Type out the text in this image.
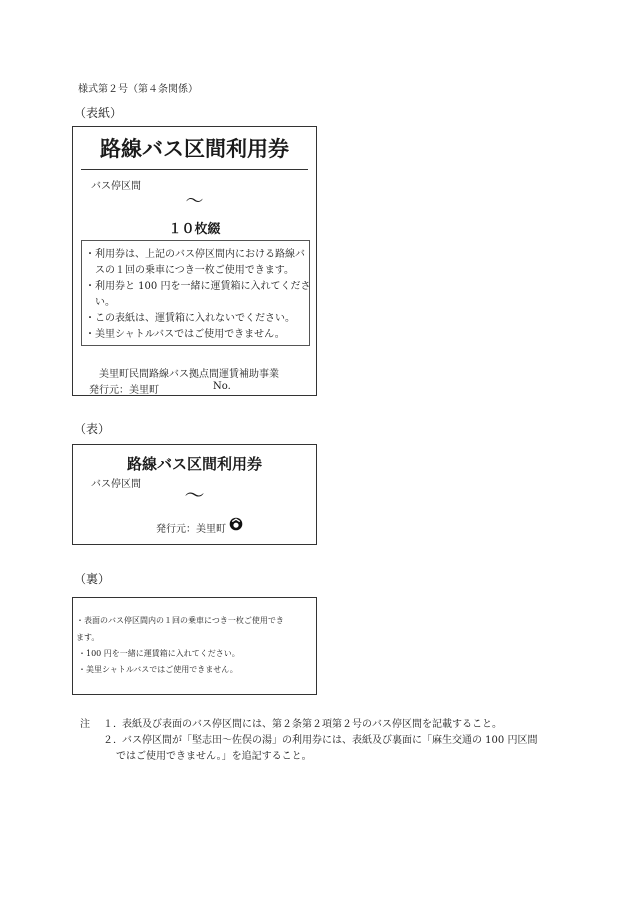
様式第２号（第４条関係）
（表紙）
路線バス区間利用券
バス停区間
～
１０枚綴
・利用券は、上記のバス停区間内における路線バ
スの１回の乗車につき一枚ご使用できます。
・利用券と 100 円を一緒に運賃箱に入れてくださ
い。
・この表紙は、運賃箱に入れないでください。
・美里シャトルバスではご使用できません。
美里町民間路線バス拠点間運賃補助事業
発行元：美里町	No.
（表）
路線バス区間利用券
バス停区間	～
発行元：美里町
（裏）
・表面のバス停区間内の１回の乗車につき一枚ご使用でき
ます。
・100 円を一緒に運賃箱に入れてください。
・美里シャトルバスではご使用できません。
注 １． 表紙及び表面のバス停区間には、第２条第２項第２号のバス停区間を記載すること。
２． バス停区間が「堅志田～佐俣の湯」の利用券には、表紙及び裏面に「麻生交通の 100 円区間
ではご使用できません。」を追記すること。
